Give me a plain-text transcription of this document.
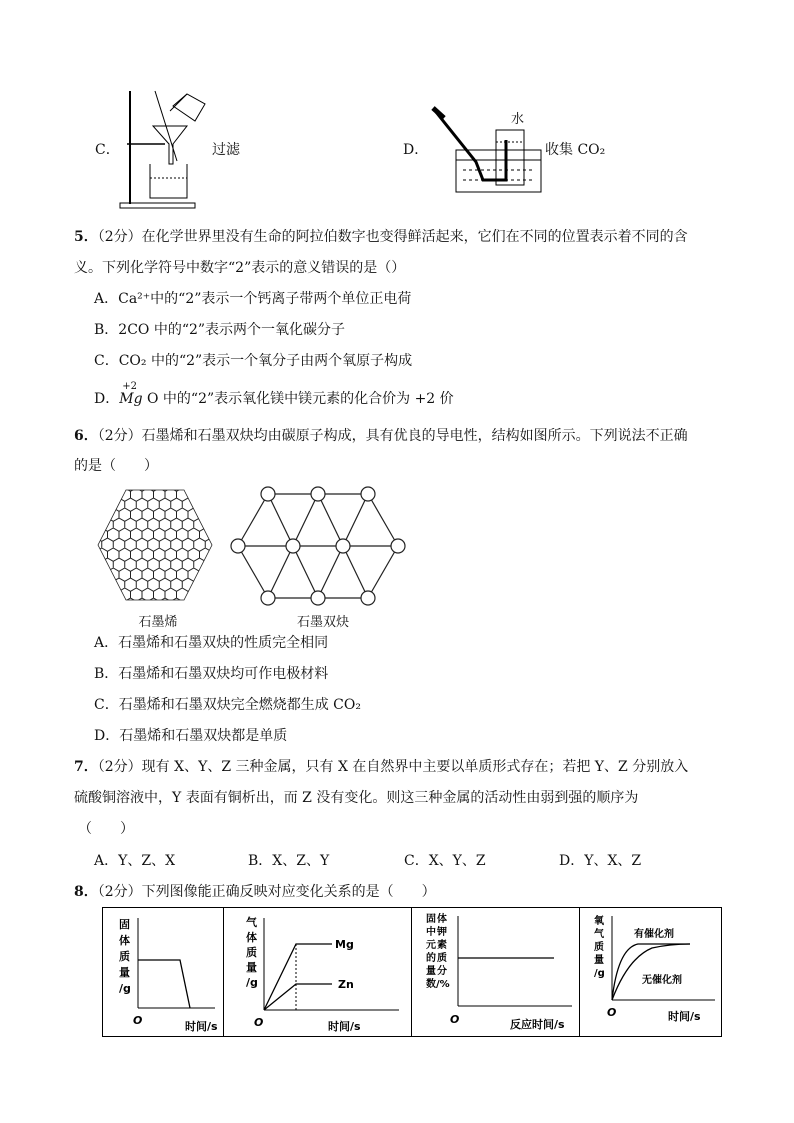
C．	过滤	D．
水
收集 CO₂
5．（2分）在化学世界里没有生命的阿拉伯数字也变得鲜活起来，它们在不同的位置表示着不同的含
义。下列化学符号中数字“2”表示的意义错误的是（）
A．Ca²⁺中的“2”表示一个钙离子带两个单位正电荷
B．2CO 中的“2”表示两个一氧化碳分子
C．CO₂ 中的“2”表示一个氧分子由两个氧原子构成
D．
+2
Mg O 中的“2”表示氧化镁中镁元素的化合价为 +2 价
6．（2分）石墨烯和石墨双炔均由碳原子构成，具有优良的导电性，结构如图所示。下列说法不正确
的是（　　）
石墨烯	石墨双炔
A．石墨烯和石墨双炔的性质完全相同
B．石墨烯和石墨双炔均可作电极材料
C．石墨烯和石墨双炔完全燃烧都生成 CO₂
D．石墨烯和石墨双炔都是单质
7．（2分）现有 X、Y、Z 三种金属，只有 X 在自然界中主要以单质形式存在；若把 Y、Z 分别放入
硫酸铜溶液中，Y 表面有铜析出，而 Z 没有变化。则这三种金属的活动性由弱到强的顺序为
（　　）
A．Y、Z、X	B．X、Z、Y	C．X、Y、Z	D．Y、X、Z
8．（2分）下列图像能正确反映对应变化关系的是（　　）
固
体
质
量
/g
O	时间/s
气
体
质
量
/g
Mg
Zn
O	时间/s
固 体
中 钾
元 素
的 质
量 分
数/%
O	反应时间/s
氧
气
质
量
/g
有催化剂
无催化剂
O	时间/s
